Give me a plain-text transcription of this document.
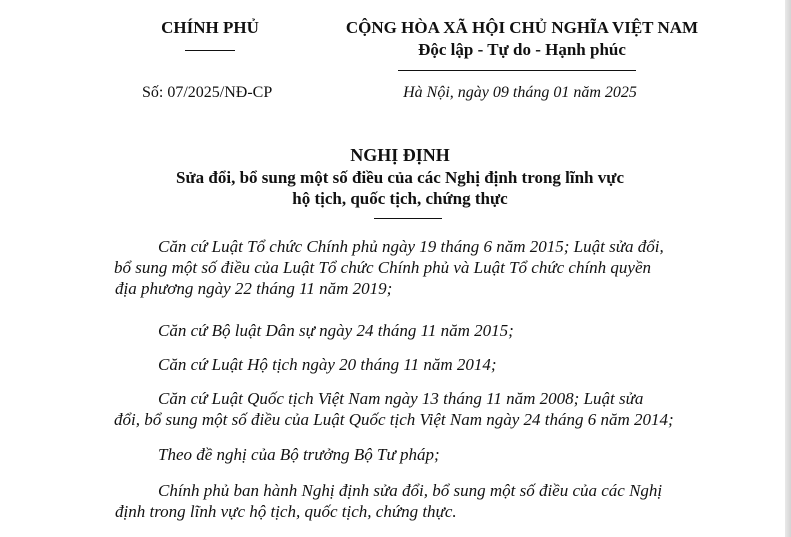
CHÍNH PHỦ	CỘNG HÒA XÃ HỘI CHỦ NGHĨA VIỆT NAM
Độc lập - Tự do - Hạnh phúc
Số: 07/2025/NĐ-CP	Hà Nội, ngày 09 tháng 01 năm 2025
NGHỊ ĐỊNH
Sửa đổi, bổ sung một số điều của các Nghị định trong lĩnh vực
hộ tịch, quốc tịch, chứng thực
Căn cứ Luật Tổ chức Chính phủ ngày 19 tháng 6 năm 2015; Luật sửa đổi,
bổ sung một số điều của Luật Tổ chức Chính phủ và Luật Tổ chức chính quyền
địa phương ngày 22 tháng 11 năm 2019;
Căn cứ Bộ luật Dân sự ngày 24 tháng 11 năm 2015;
Căn cứ Luật Hộ tịch ngày 20 tháng 11 năm 2014;
Căn cứ Luật Quốc tịch Việt Nam ngày 13 tháng 11 năm 2008; Luật sửa
đổi, bổ sung một số điều của Luật Quốc tịch Việt Nam ngày 24 tháng 6 năm 2014;
Theo đề nghị của Bộ trưởng Bộ Tư pháp;
Chính phủ ban hành Nghị định sửa đổi, bổ sung một số điều của các Nghị
định trong lĩnh vực hộ tịch, quốc tịch, chứng thực.
